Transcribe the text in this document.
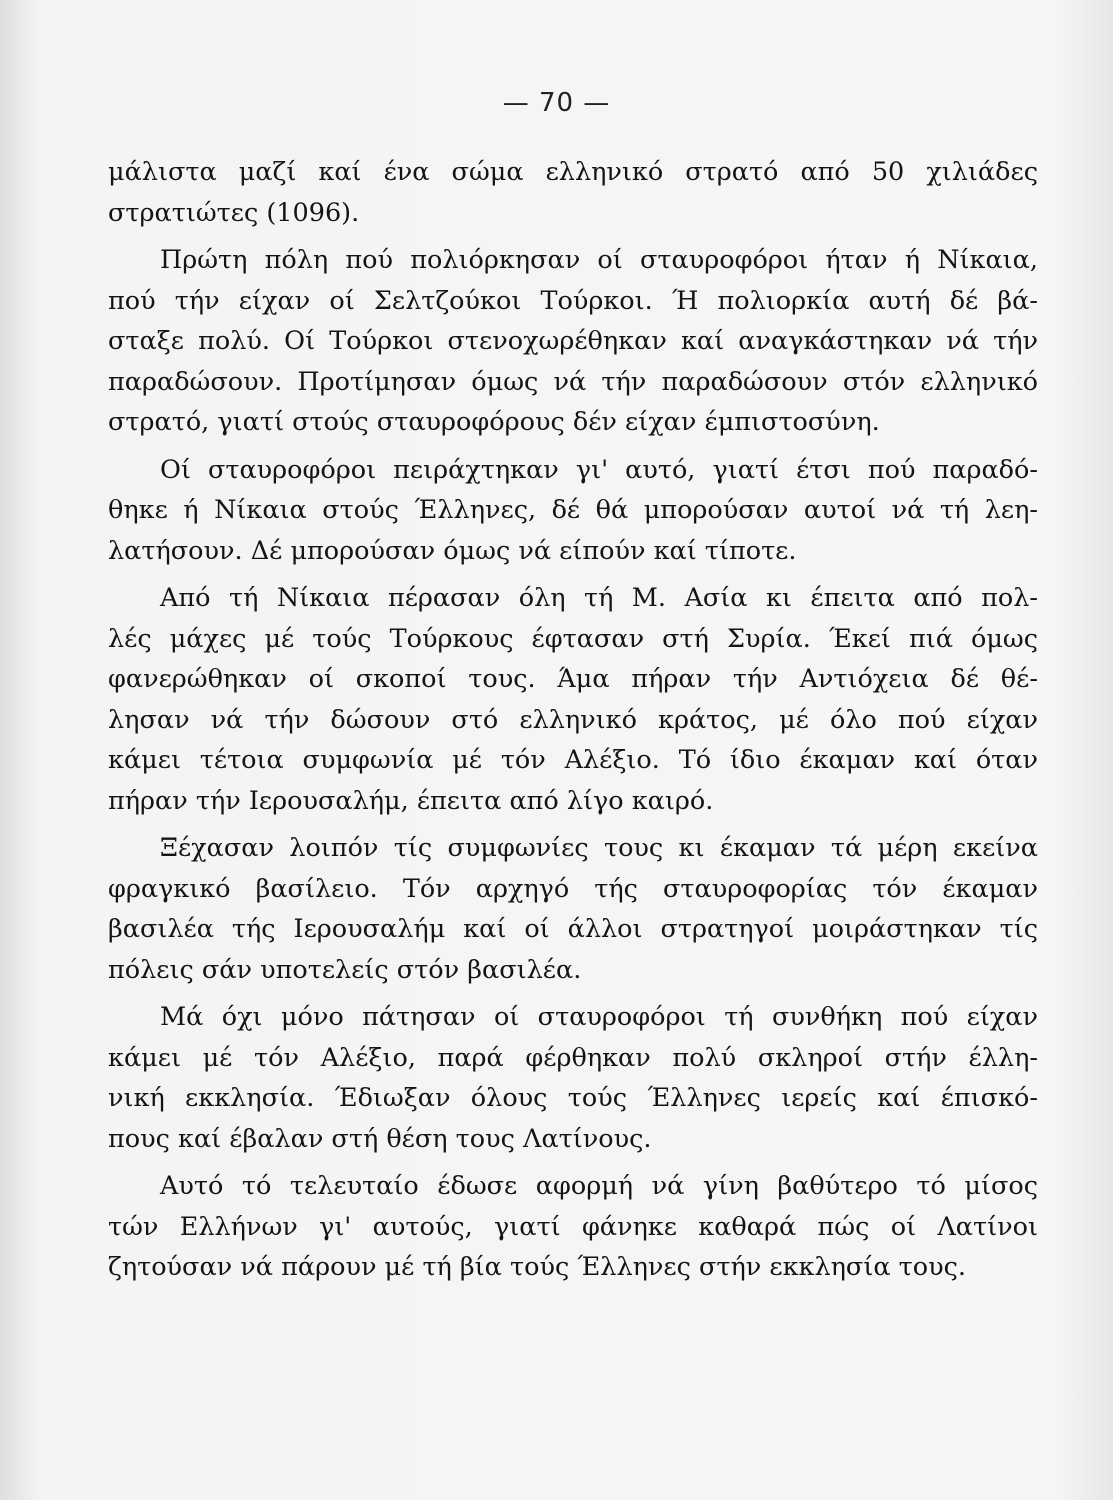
— 70 —
μάλιστα μαζί καί ένα σώμα ελληνικό στρατό από 50 χιλιάδες
στρατιώτες (1096).
Πρώτη πόλη πού πολιόρκησαν οί σταυροφόροι ήταν ή Νίκαια,
πού τήν είχαν οί Σελτζούκοι Τούρκοι. Ή πολιορκία αυτή δέ βά-
σταξε πολύ. Οί Τούρκοι στενοχωρέθηκαν καί αναγκάστηκαν νά τήν
παραδώσουν. Προτίμησαν όμως νά τήν παραδώσουν στόν ελληνικό
στρατό, γιατί στούς σταυροφόρους δέν είχαν έμπιστοσύνη.
Οί σταυροφόροι πειράχτηκαν γι' αυτό, γιατί έτσι πού παραδό-
θηκε ή Νίκαια στούς Έλληνες, δέ θά μπορούσαν αυτοί νά τή λεη-
λατήσουν. Δέ μπορούσαν όμως νά είπούν καί τίποτε.
Από τή Νίκαια πέρασαν όλη τή Μ. Ασία κι έπειτα από πολ-
λές μάχες μέ τούς Τούρκους έφτασαν στή Συρία. Έκεί πιά όμως
φανερώθηκαν οί σκοποί τους. Άμα πήραν τήν Αντιόχεια δέ θέ-
λησαν νά τήν δώσουν στό ελληνικό κράτος, μέ όλο πού είχαν
κάμει τέτοια συμφωνία μέ τόν Αλέξιο. Τό ίδιο έκαμαν καί όταν
πήραν τήν Ιερουσαλήμ, έπειτα από λίγο καιρό.
Ξέχασαν λοιπόν τίς συμφωνίες τους κι έκαμαν τά μέρη εκείνα
φραγκικό βασίλειο. Τόν αρχηγό τής σταυροφορίας τόν έκαμαν
βασιλέα τής Ιερουσαλήμ καί οί άλλοι στρατηγοί μοιράστηκαν τίς
πόλεις σάν υποτελείς στόν βασιλέα.
Μά όχι μόνο πάτησαν οί σταυροφόροι τή συνθήκη πού είχαν
κάμει μέ τόν Αλέξιο, παρά φέρθηκαν πολύ σκληροί στήν έλλη-
νική εκκλησία. Έδιωξαν όλους τούς Έλληνες ιερείς καί έπισκό-
πους καί έβαλαν στή θέση τους Λατίνους.
Αυτό τό τελευταίο έδωσε αφορμή νά γίνη βαθύτερο τό μίσος
τών Ελλήνων γι' αυτούς, γιατί φάνηκε καθαρά πώς οί Λατίνοι
ζητούσαν νά πάρουν μέ τή βία τούς Έλληνες στήν εκκλησία τους.
